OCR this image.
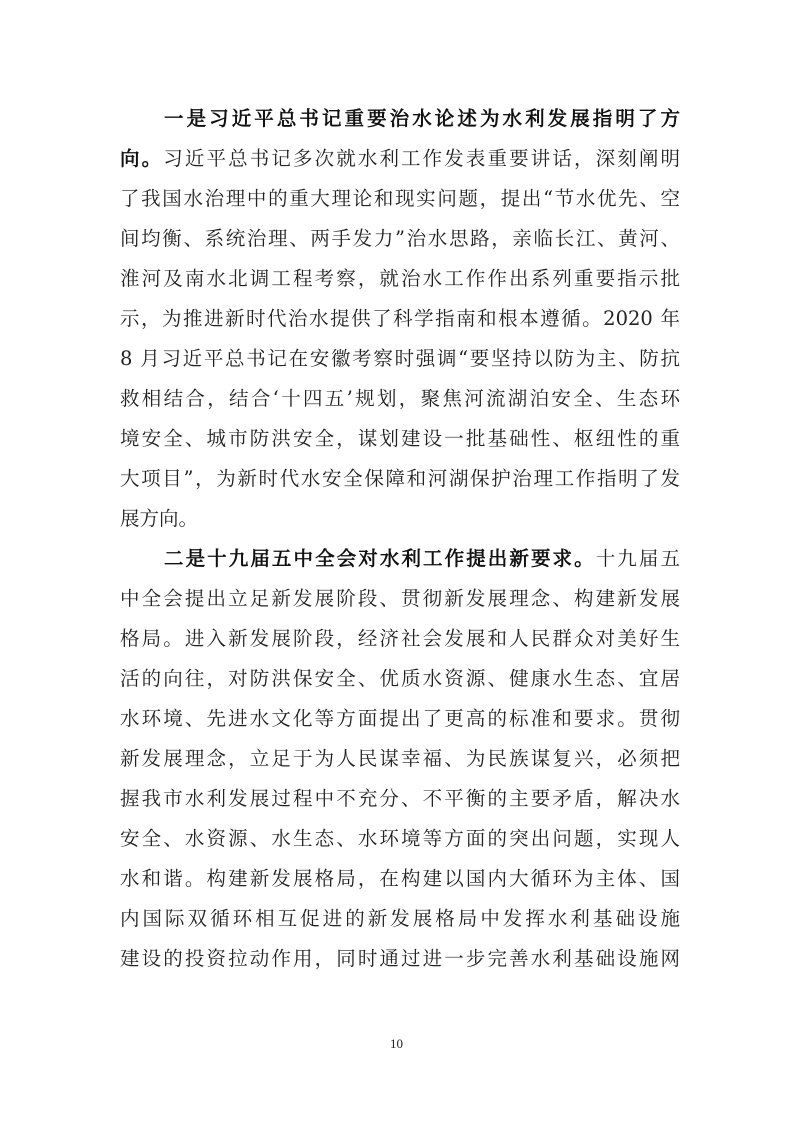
一是习近平总书记重要治水论述为水利发展指明了方
向。习近平总书记多次就水利工作发表重要讲话，深刻阐明
了我国水治理中的重大理论和现实问题，提出“节水优先、空
间均衡、系统治理、两手发力”治水思路，亲临长江、黄河、
淮河及南水北调工程考察，就治水工作作出系列重要指示批
示，为推进新时代治水提供了科学指南和根本遵循。2020 年
8 月习近平总书记在安徽考察时强调“要坚持以防为主、防抗
救相结合，结合‘十四五’规划，聚焦河流湖泊安全、生态环
境安全、城市防洪安全，谋划建设一批基础性、枢纽性的重
大项目”，为新时代水安全保障和河湖保护治理工作指明了发
展方向。
二是十九届五中全会对水利工作提出新要求。十九届五
中全会提出立足新发展阶段、贯彻新发展理念、构建新发展
格局。进入新发展阶段，经济社会发展和人民群众对美好生
活的向往，对防洪保安全、优质水资源、健康水生态、宜居
水环境、先进水文化等方面提出了更高的标准和要求。贯彻
新发展理念，立足于为人民谋幸福、为民族谋复兴，必须把
握我市水利发展过程中不充分、不平衡的主要矛盾，解决水
安全、水资源、水生态、水环境等方面的突出问题，实现人
水和谐。构建新发展格局，在构建以国内大循环为主体、国
内国际双循环相互促进的新发展格局中发挥水利基础设施
建设的投资拉动作用，同时通过进一步完善水利基础设施网
10
